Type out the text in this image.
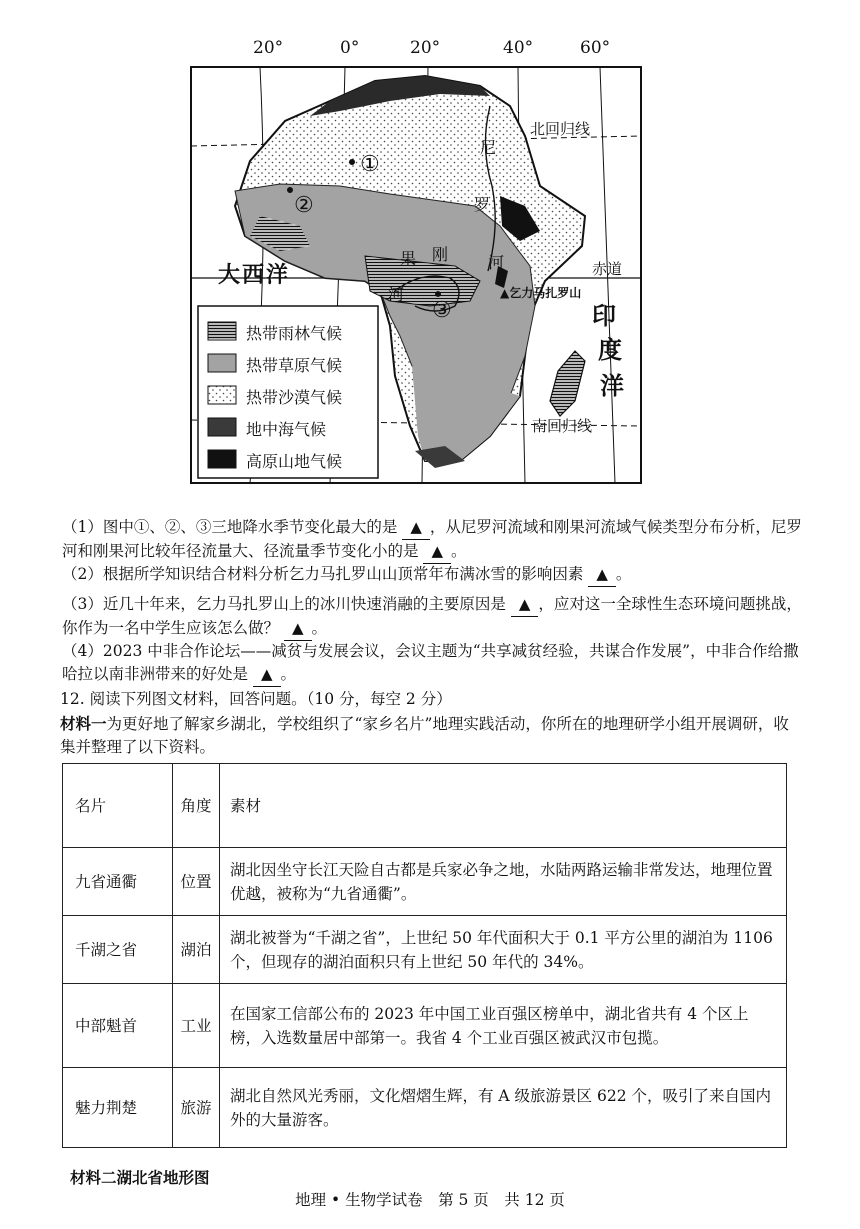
20°	0°	20°	40°	60°
北回归线
南回归线
赤道
大西洋
印
度
洋
尼
罗
河
果 刚
河	▲乞力马扎罗山
①
②
③
热带雨林气候
热带草原气候
热带沙漠气候
地中海气候
高原山地气候
（1）图中①、②、③三地降水季节变化最大的是 ▲ ，从尼罗河流域和刚果河流域气候类型分布分析，尼罗河和刚果河比较年径流量大、径流量季节变化小的是 ▲ 。
（2）根据所学知识结合材料分析乞力马扎罗山山顶常年布满冰雪的影响因素 ▲ 。
（3）近几十年来，乞力马扎罗山上的冰川快速消融的主要原因是 ▲ ，应对这一全球性生态环境问题挑战，你作为一名中学生应该怎么做？ ▲ 。
（4）2023 中非合作论坛——减贫与发展会议，会议主题为“共享减贫经验，共谋合作发展”，中非合作给撒哈拉以南非洲带来的好处是 ▲ 。
12. 阅读下列图文材料，回答问题。（10 分，每空 2 分）
材料一为更好地了解家乡湖北，学校组织了“家乡名片”地理实践活动，你所在的地理研学小组开展调研，收集并整理了以下资料。
名片	角度	素材
九省通衢	位置	湖北因坐守长江天险自古都是兵家必争之地，水陆两路运输非常发达，地理位置优越，被称为“九省通衢”。
千湖之省	湖泊	湖北被誉为“千湖之省”，上世纪 50 年代面积大于 0.1 平方公里的湖泊为 1106 个，但现存的湖泊面积只有上世纪 50 年代的 34%。
中部魁首	工业	在国家工信部公布的 2023 年中国工业百强区榜单中，湖北省共有 4 个区上榜，入选数量居中部第一。我省 4 个工业百强区被武汉市包揽。
魅力荆楚	旅游	湖北自然风光秀丽，文化熠熠生辉，有 A 级旅游景区 622 个，吸引了来自国内外的大量游客。
材料二湖北省地形图
地理 • 生物学试卷　第 5 页　共 12 页
